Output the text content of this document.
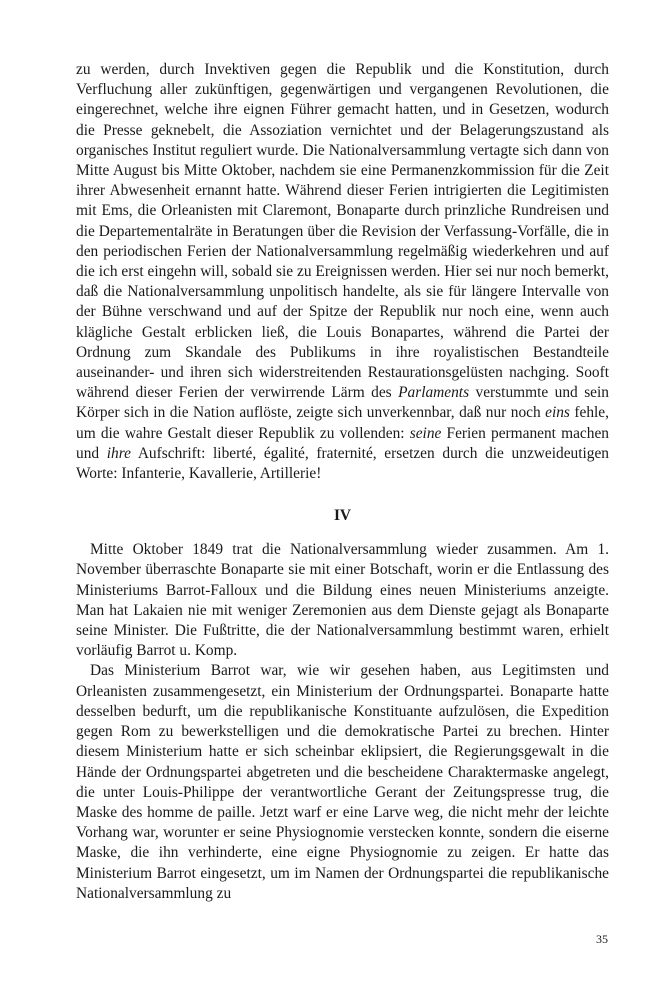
zu werden, durch Invektiven gegen die Republik und die Konstitution, durch Verfluchung aller zukünftigen, gegenwärtigen und vergangenen Revolutionen, die eingerechnet, welche ihre eignen Führer gemacht hatten, und in Gesetzen, wodurch die Presse geknebelt, die Assoziation vernichtet und der Belagerungszustand als organisches Institut reguliert wurde. Die Nationalversammlung vertagte sich dann von Mitte August bis Mitte Oktober, nachdem sie eine Permanenzkommission für die Zeit ihrer Abwesenheit ernannt hatte. Während dieser Ferien intrigierten die Legitimisten mit Ems, die Orleanisten mit Claremont, Bonaparte durch prinzliche Rundreisen und die Departementalräte in Beratungen über die Revision der Verfassung-Vorfälle, die in den periodischen Ferien der Nationalversammlung regelmäßig wiederkehren und auf die ich erst eingehn will, sobald sie zu Ereignissen werden. Hier sei nur noch bemerkt, daß die Nationalversammlung unpolitisch handelte, als sie für längere Intervalle von der Bühne verschwand und auf der Spitze der Republik nur noch eine, wenn auch klägliche Gestalt erblicken ließ, die Louis Bonapartes, während die Partei der Ordnung zum Skandale des Publikums in ihre royalistischen Bestandteile auseinander- und ihren sich widerstreitenden Restaurationsgelüsten nachging. Sooft während dieser Ferien der verwirrende Lärm des Parlaments verstummte und sein Körper sich in die Nation auflöste, zeigte sich unverkennbar, daß nur noch eins fehle, um die wahre Gestalt dieser Republik zu vollenden: seine Ferien permanent machen und ihre Aufschrift: liberté, égalité, fraternité, ersetzen durch die unzweideutigen Worte: Infanterie, Kavallerie, Artillerie!

IV

Mitte Oktober 1849 trat die Nationalversammlung wieder zusammen. Am 1. November überraschte Bonaparte sie mit einer Botschaft, worin er die Entlassung des Ministeriums Barrot-Falloux und die Bildung eines neuen Ministeriums anzeigte. Man hat Lakaien nie mit weniger Zeremonien aus dem Dienste gejagt als Bonaparte seine Minister. Die Fußtritte, die der Nationalversammlung bestimmt waren, erhielt vorläufig Barrot u. Komp.

Das Ministerium Barrot war, wie wir gesehen haben, aus Legitimsten und Orleanisten zusammengesetzt, ein Ministerium der Ordnungspartei. Bonaparte hatte desselben bedurft, um die republikanische Konstituante aufzulösen, die Expedition gegen Rom zu bewerkstelligen und die demokratische Partei zu brechen. Hinter diesem Ministerium hatte er sich scheinbar eklipsiert, die Regierungsgewalt in die Hände der Ordnungspartei abgetreten und die bescheidene Charaktermaske angelegt, die unter Louis-Philippe der verantwortliche Gerant der Zeitungspresse trug, die Maske des homme de paille. Jetzt warf er eine Larve weg, die nicht mehr der leichte Vorhang war, worunter er seine Physiognomie verstecken konnte, sondern die eiserne Maske, die ihn verhinderte, eine eigne Physiognomie zu zeigen. Er hatte das Ministerium Barrot eingesetzt, um im Namen der Ordnungspartei die republikanische Nationalversammlung zu

35
